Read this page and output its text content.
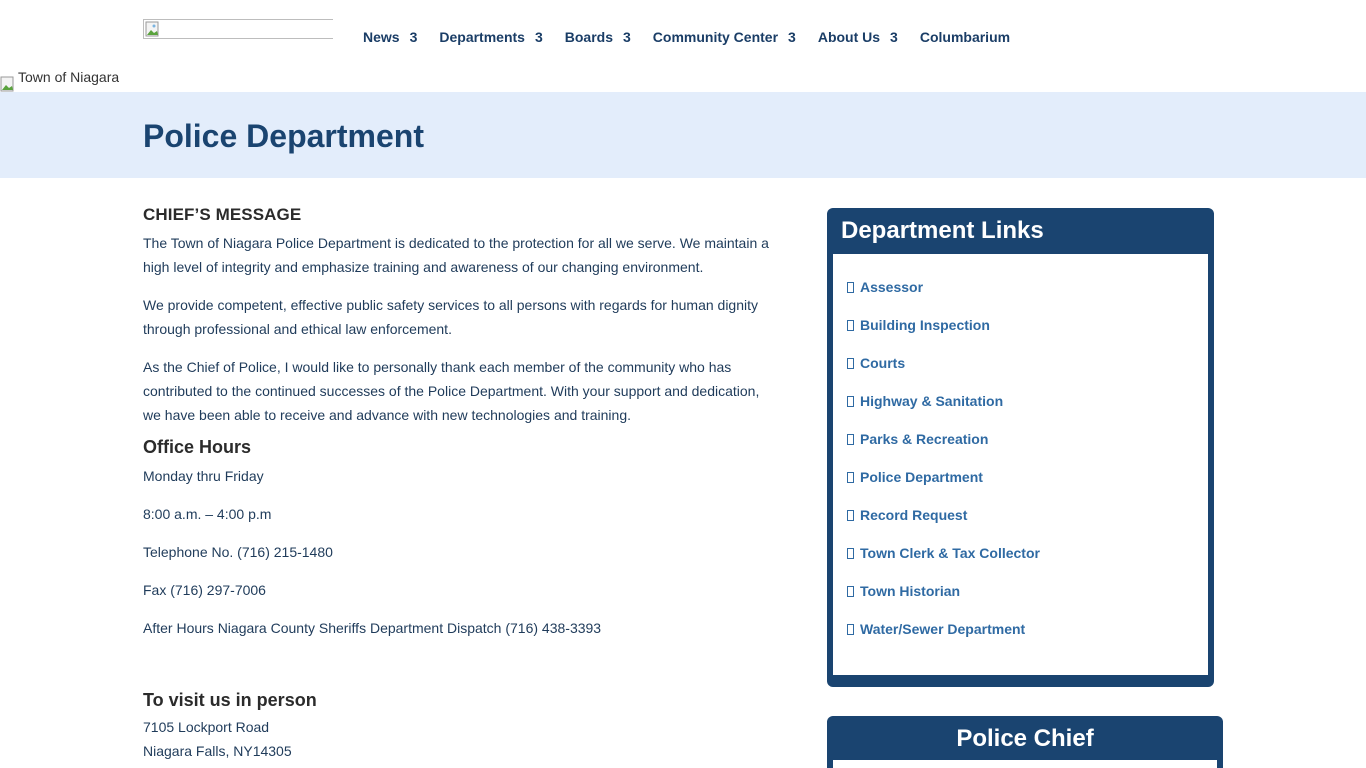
News 3 Departments 3 Boards 3 Community Center 3 About Us 3 Columbarium
Town of Niagara
Police Department
CHIEF’S MESSAGE

The Town of Niagara Police Department is dedicated to the protection for all we serve. We maintain a high level of integrity and emphasize training and awareness of our changing environment.

We provide competent, effective public safety services to all persons with regards for human dignity through professional and ethical law enforcement.

As the Chief of Police, I would like to personally thank each member of the community who has contributed to the continued successes of the Police Department. With your support and dedication, we have been able to receive and advance with new technologies and training.

Office Hours

Monday thru Friday

8:00 a.m. – 4:00 p.m

Telephone No. (716) 215-1480

Fax (716) 297-7006

After Hours Niagara County Sheriffs Department Dispatch (716) 438-3393

To visit us in person

7105 Lockport Road

Niagara Falls, NY14305

Department Links
Assessor
Building Inspection
Courts
Highway & Sanitation
Parks & Recreation
Police Department
Record Request
Town Clerk & Tax Collector
Town Historian
Water/Sewer Department
Police Chief
